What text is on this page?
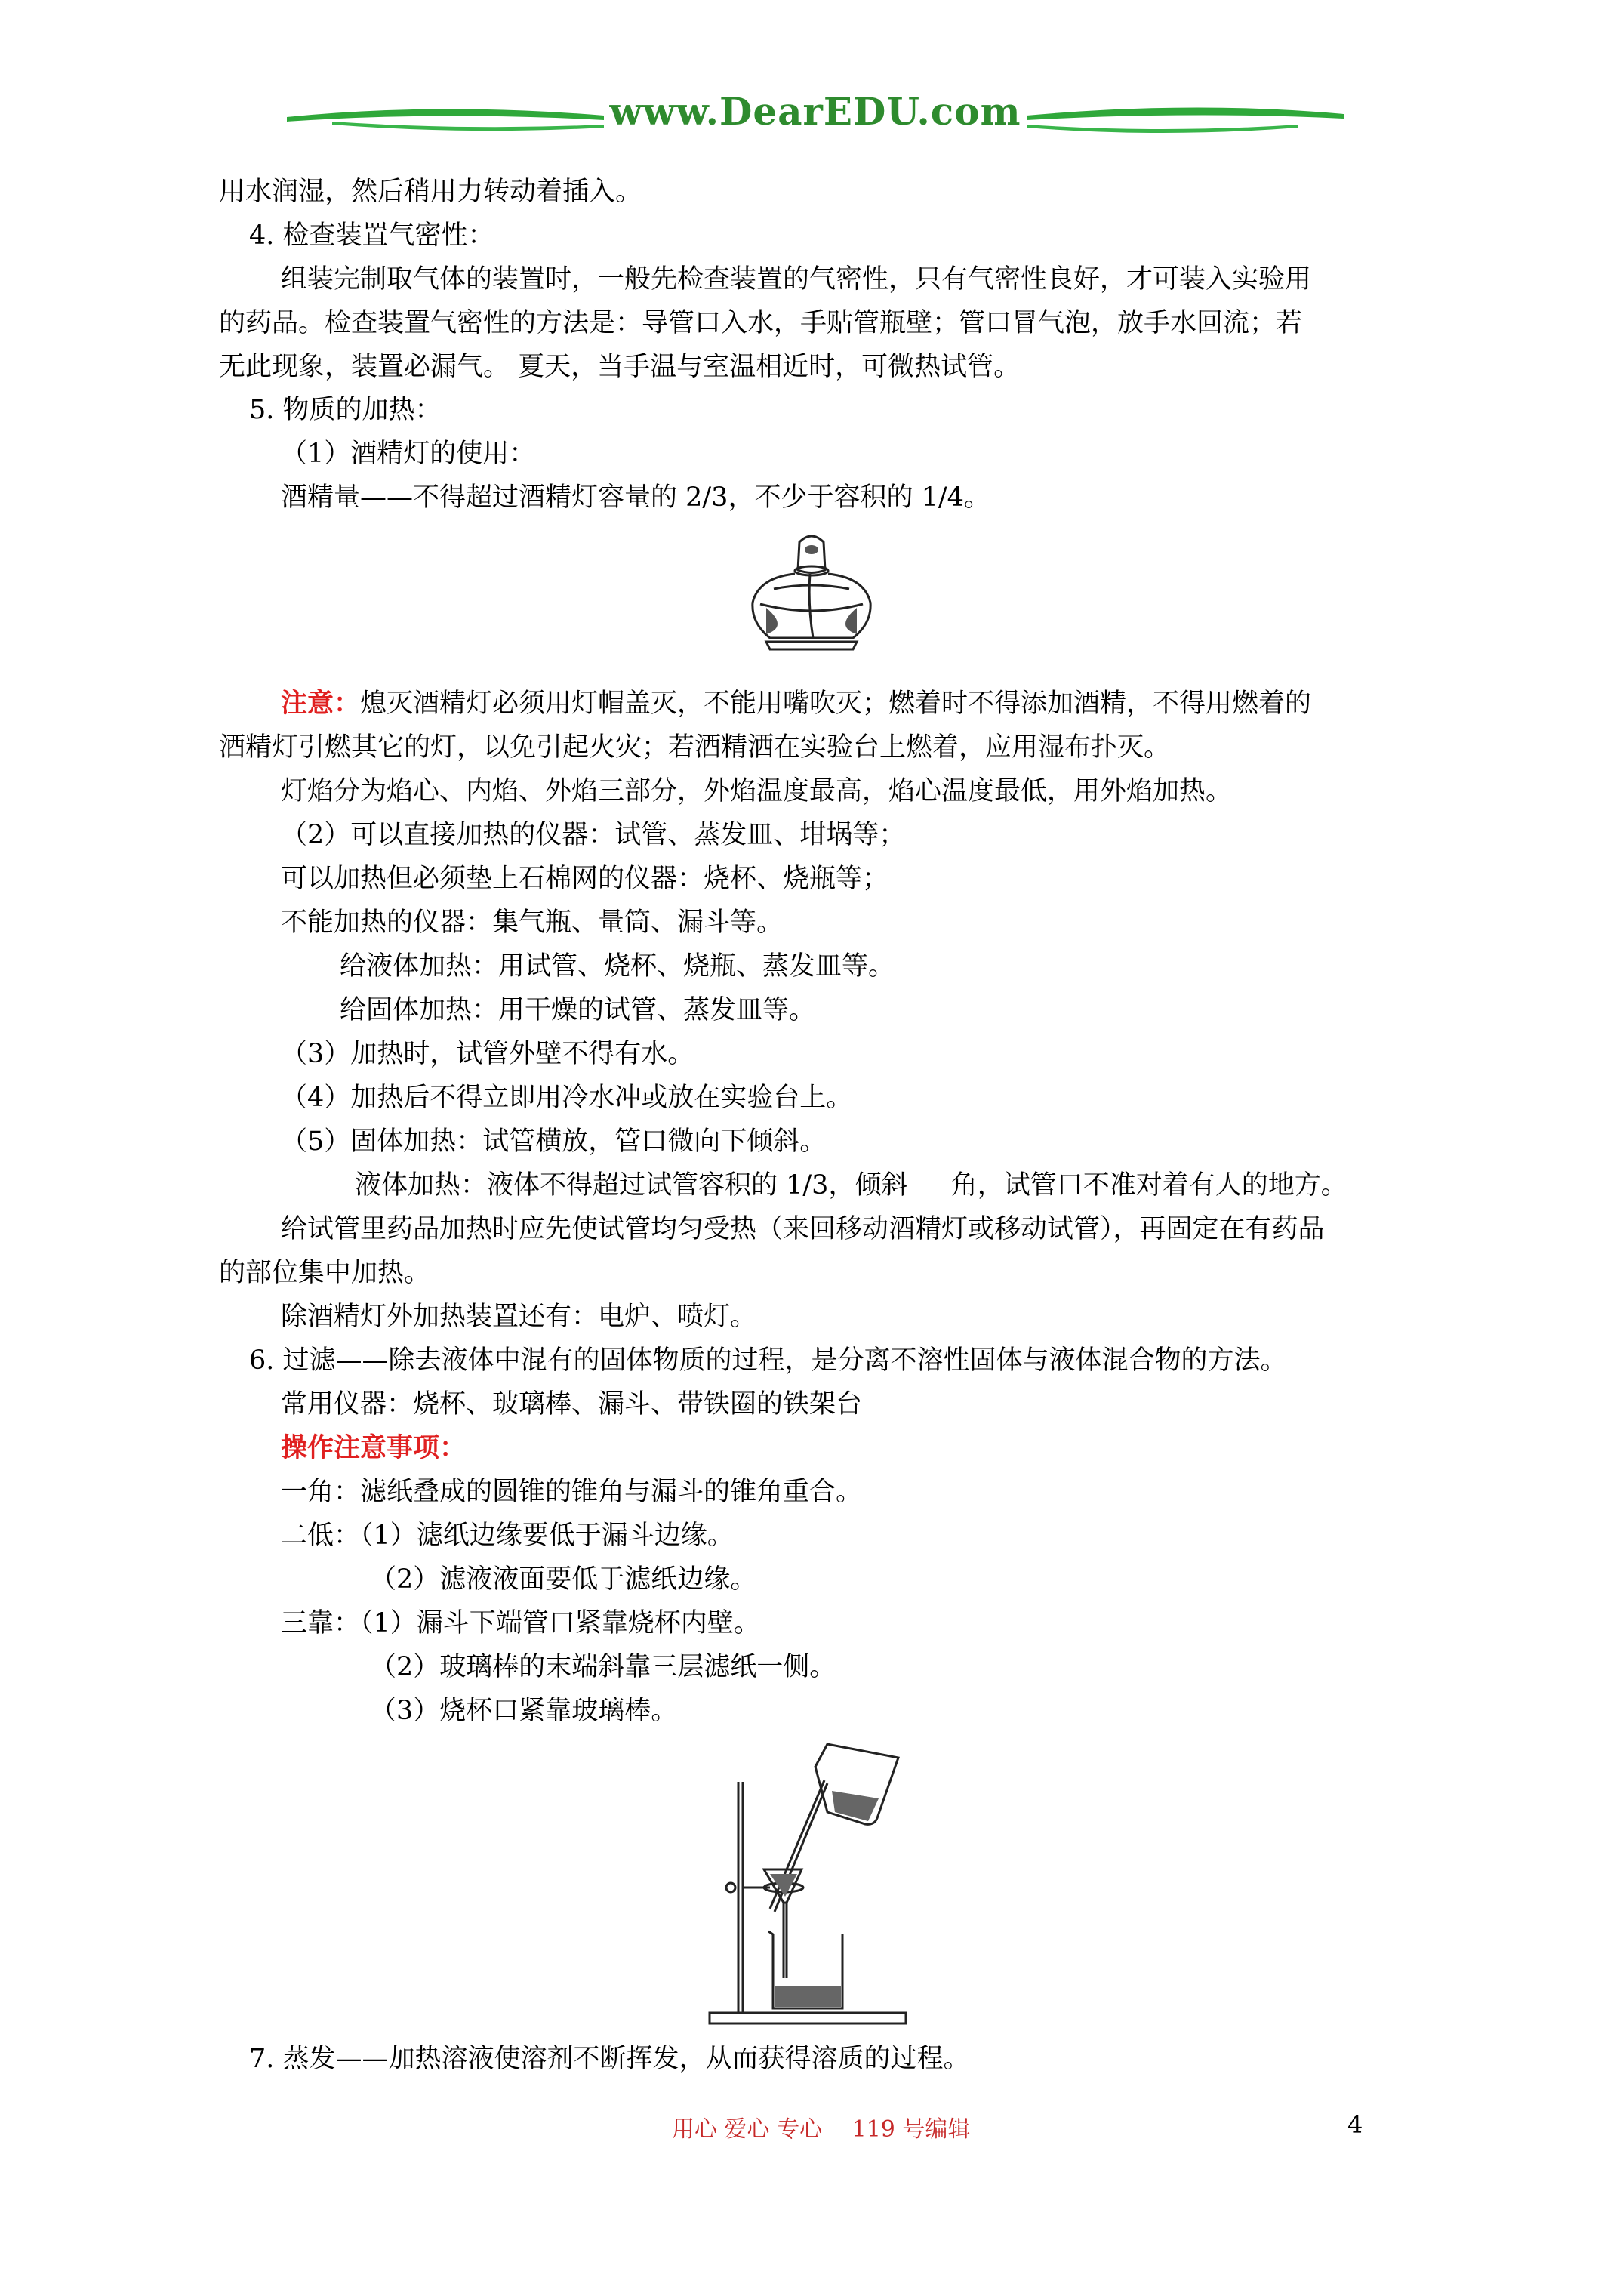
www.DearEDU.com
用水润湿，然后稍用力转动着插入。
4. 检查装置气密性：
组装完制取气体的装置时，一般先检查装置的气密性，只有气密性良好，才可装入实验用
的药品。检查装置气密性的方法是：导管口入水，手贴管瓶壁；管口冒气泡，放手水回流；若
无此现象，装置必漏气。 夏天，当手温与室温相近时，可微热试管。
5. 物质的加热：
（1）酒精灯的使用：
酒精量——不得超过酒精灯容量的 2/3，不少于容积的 1/4。
注意：熄灭酒精灯必须用灯帽盖灭，不能用嘴吹灭；燃着时不得添加酒精，不得用燃着的
酒精灯引燃其它的灯，以免引起火灾；若酒精洒在实验台上燃着，应用湿布扑灭。
灯焰分为焰心、内焰、外焰三部分，外焰温度最高，焰心温度最低，用外焰加热。
（2）可以直接加热的仪器：试管、蒸发皿、坩埚等；
可以加热但必须垫上石棉网的仪器：烧杯、烧瓶等；
不能加热的仪器：集气瓶、量筒、漏斗等。
给液体加热：用试管、烧杯、烧瓶、蒸发皿等。
给固体加热：用干燥的试管、蒸发皿等。
（3）加热时，试管外壁不得有水。
（4）加热后不得立即用冷水冲或放在实验台上。
（5）固体加热：试管横放，管口微向下倾斜。
液体加热：液体不得超过试管容积的 1/3，倾斜 　 角，试管口不准对着有人的地方。
给试管里药品加热时应先使试管均匀受热（来回移动酒精灯或移动试管），再固定在有药品
的部位集中加热。
除酒精灯外加热装置还有：电炉、喷灯。
6. 过滤——除去液体中混有的固体物质的过程，是分离不溶性固体与液体混合物的方法。
常用仪器：烧杯、玻璃棒、漏斗、带铁圈的铁架台
操作注意事项：
一角：滤纸叠成的圆锥的锥角与漏斗的锥角重合。
二低：（1）滤纸边缘要低于漏斗边缘。
（2）滤液液面要低于滤纸边缘。
三靠：（1）漏斗下端管口紧靠烧杯内壁。
（2）玻璃棒的末端斜靠三层滤纸一侧。
（3）烧杯口紧靠玻璃棒。
7. 蒸发——加热溶液使溶剂不断挥发，从而获得溶质的过程。
用心 爱心 专心 　119 号编辑	4
